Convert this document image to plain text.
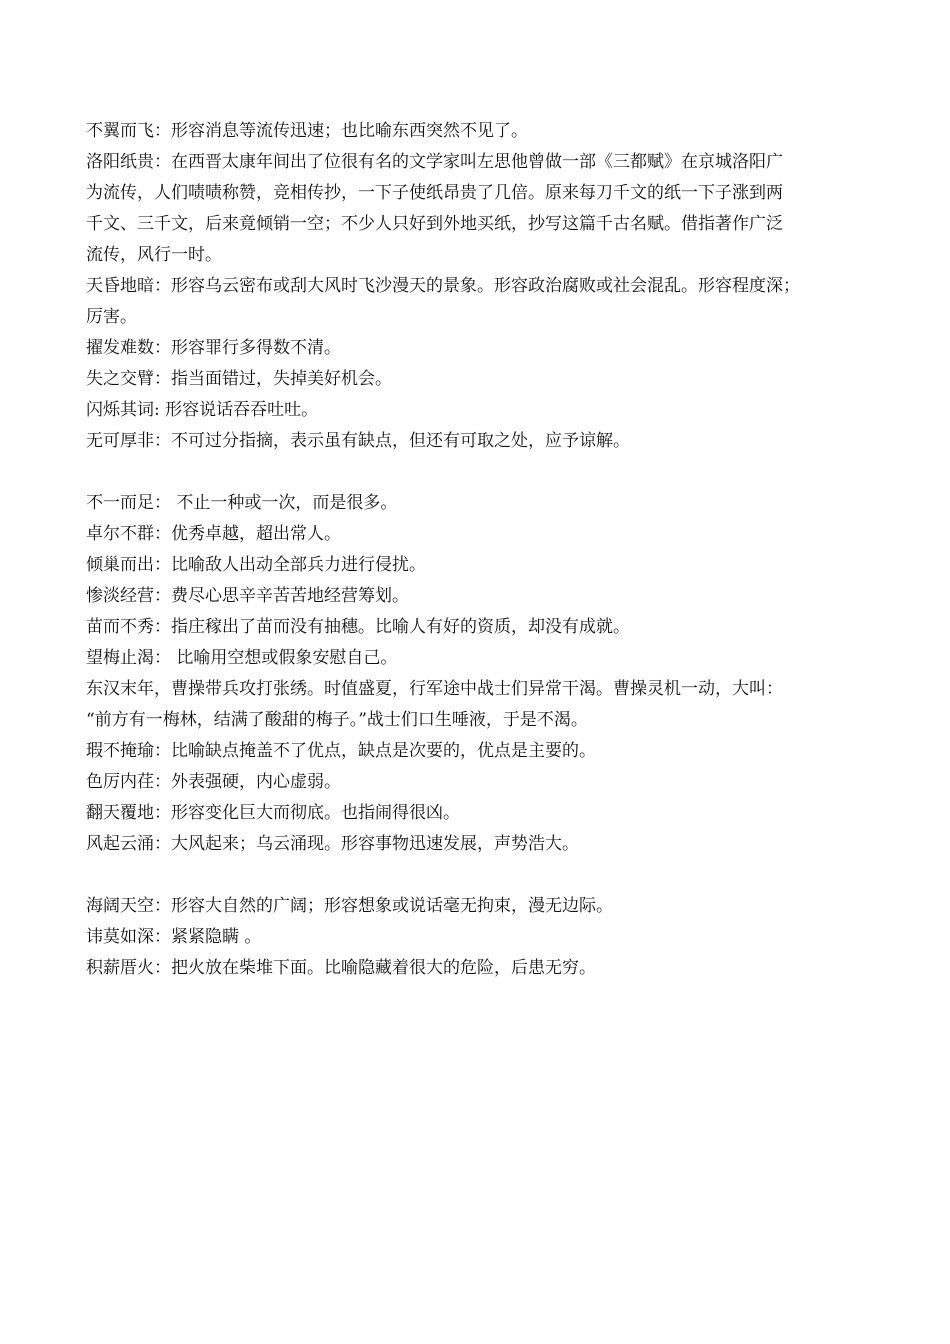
不翼而飞：形容消息等流传迅速；也比喻东西突然不见了。
洛阳纸贵：在西晋太康年间出了位很有名的文学家叫左思他曾做一部《三都赋》在京城洛阳广
为流传，人们啧啧称赞，竞相传抄，一下子使纸昂贵了几倍。原来每刀千文的纸一下子涨到两
千文、三千文，后来竟倾销一空；不少人只好到外地买纸，抄写这篇千古名赋。借指著作广泛
流传，风行一时。
天昏地暗：形容乌云密布或刮大风时飞沙漫天的景象。形容政治腐败或社会混乱。形容程度深；
厉害。
擢发难数：形容罪行多得数不清。
失之交臂：指当面错过，失掉美好机会。
闪烁其词: 形容说话吞吞吐吐。
无可厚非：不可过分指摘，表示虽有缺点，但还有可取之处，应予谅解。
不一而足： 不止一种或一次，而是很多。
卓尔不群：优秀卓越，超出常人。
倾巢而出：比喻敌人出动全部兵力进行侵扰。
惨淡经营：费尽心思辛辛苦苦地经营筹划。
苗而不秀：指庄稼出了苗而没有抽穗。比喻人有好的资质，却没有成就。
望梅止渴： 比喻用空想或假象安慰自己。
东汉末年，曹操带兵攻打张绣。时值盛夏，行军途中战士们异常干渴。曹操灵机一动，大叫：
“前方有一梅林，结满了酸甜的梅子。”战士们口生唾液，于是不渴。
瑕不掩瑜：比喻缺点掩盖不了优点，缺点是次要的，优点是主要的。
色厉内荏：外表强硬，内心虚弱。
翻天覆地：形容变化巨大而彻底。也指闹得很凶。
风起云涌：大风起来；乌云涌现。形容事物迅速发展，声势浩大。
海阔天空：形容大自然的广阔；形容想象或说话毫无拘束，漫无边际。
讳莫如深：紧紧隐瞒 。
积薪厝火：把火放在柴堆下面。比喻隐藏着很大的危险，后患无穷。
